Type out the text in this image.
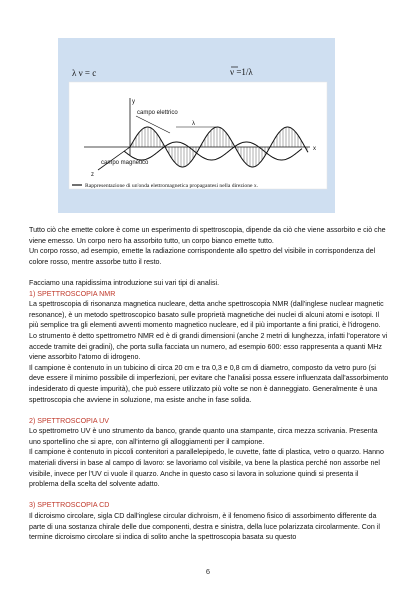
λ ν = c	ν =1/λ
campo elettrico
λ
y
x
z
campo magnetico
Rappresentazione di un'onda elettromagnetica propagantesi nella direzione x.

Tutto ciò che emette colore è come un esperimento di spettroscopia, dipende da ciò che viene assorbito e ciò che viene emesso. Un corpo nero ha assorbito tutto, un corpo bianco emette tutto.

Un corpo rosso, ad esempio, emette la radiazione corrispondente allo spettro del visibile in corrispondenza del colore rosso, mentre assorbe tutto il resto.

Facciamo una rapidissima introduzione sui vari tipi di analisi.

1) SPETTROSCOPIA NMR

La spettroscopia di risonanza magnetica nucleare, detta anche spettroscopia NMR (dall'inglese nuclear magnetic resonance), è un metodo spettroscopico basato sulle proprietà magnetiche dei nuclei di alcuni atomi e isotopi. Il più semplice tra gli elementi avventi momento magnetico nucleare, ed il più importante a fini pratici, è l'idrogeno.

Lo strumento è detto spettrometro NMR ed è di grandi dimensioni (anche 2 metri di lunghezza, infatti l'operatore vi accede tramite dei gradini), che porta sulla facciata un numero, ad esempio 600: esso rappresenta a quanti MHz viene assorbito l'atomo di idrogeno.

Il campione è contenuto in un tubicino di circa 20 cm e tra 0,3 e 0,8 cm di diametro, composto da vetro puro (si deve essere il minimo possibile di imperfezioni, per evitare che l'analisi possa essere influenzata dall'assorbimento indesiderato di queste impurità), che può essere utilizzato più volte se non è danneggiato. Generalmente è una spettroscopia che avviene in soluzione, ma esiste anche in fase solida.

2) SPETTROSCOPIA UV

Lo spettrometro UV è uno strumento da banco, grande quanto una stampante, circa mezza scrivania. Presenta uno sportellino che si apre, con all'interno gli alloggiamenti per il campione.

Il campione è contenuto in piccoli contenitori a parallelepipedo, le cuvette, fatte di plastica, vetro o quarzo. Hanno materiali diversi in base al campo di lavoro: se lavoriamo col visibile, va bene la plastica perché non assorbe nel visibile, invece per l'UV ci vuole il quarzo. Anche in questo caso si lavora in soluzione quindi si presenta il problema della scelta del solvente adatto.

3) SPETTROSCOPIA CD

Il dicroismo circolare, sigla CD dall'inglese circular dichroism, è il fenomeno fisico di assorbimento differente da parte di una sostanza chirale delle due componenti, destra e sinistra, della luce polarizzata circolarmente. Con il termine dicroismo circolare si indica di solito anche la spettroscopia basata su questo

6
